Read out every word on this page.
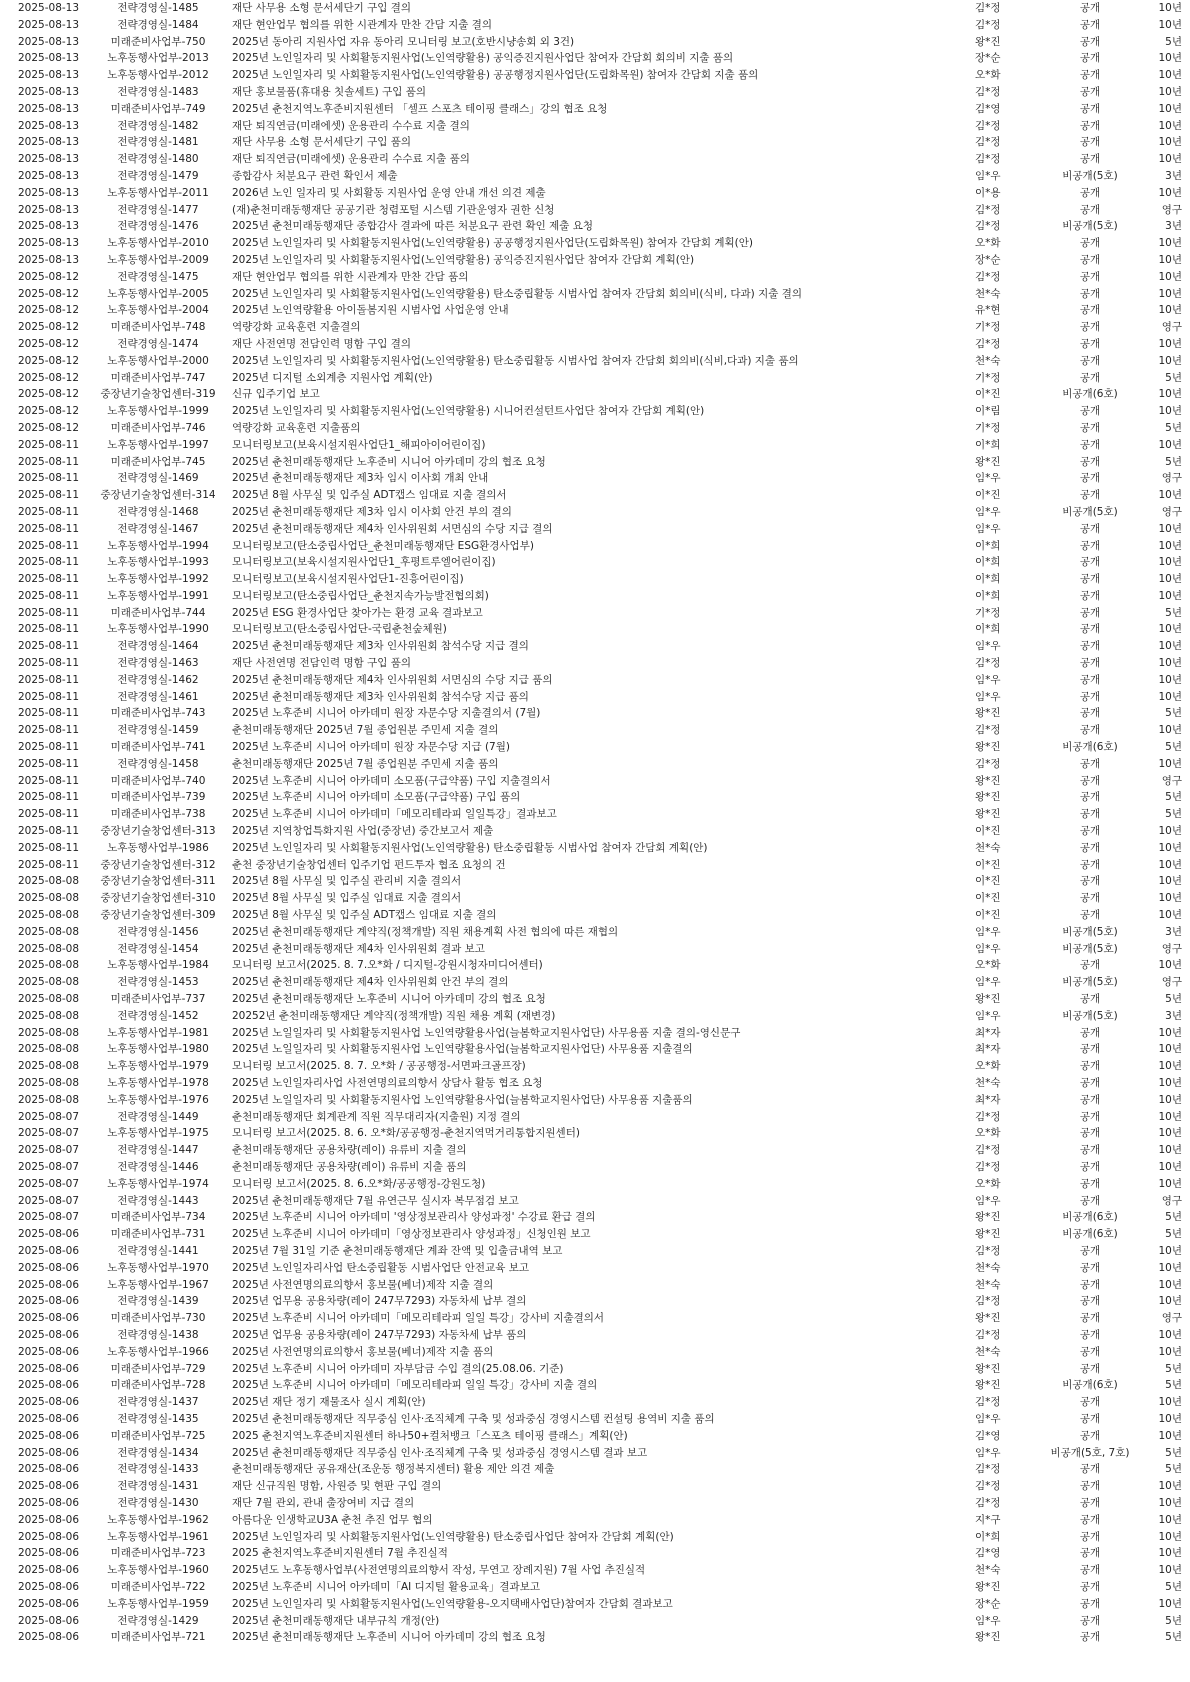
2025-08-13	전략경영실-1485	재단 사무용 소형 문서세단기 구입 결의	김*정	공개	10년
2025-08-13	전략경영실-1484	재단 현안업무 협의를 위한 시관계자 만찬 간담 지출 결의	김*정	공개	10년
2025-08-13	미래준비사업부-750	2025년 동아리 지원사업 자유 동아리 모니터링 보고(호반시냥송회 외 3건)	왕*진	공개	5년
2025-08-13	노후동행사업부-2013	2025년 노인일자리 및 사회활동지원사업(노인역량활용) 공익증진지원사업단 참여자 간담회 회의비 지출 품의	장*순	공개	10년
2025-08-13	노후동행사업부-2012	2025년 노인일자리 및 사회활동지원사업(노인역량활용) 공공행정지원사업단(도립화목원) 참여자 간담회 지출 품의	오*화	공개	10년
2025-08-13	전략경영실-1483	재단 홍보물품(휴대용 칫솔세트) 구입 품의	김*정	공개	10년
2025-08-13	미래준비사업부-749	2025년 춘천지역노후준비지원센터 「셀프 스포츠 테이핑 클래스」강의 협조 요청	김*영	공개	10년
2025-08-13	전략경영실-1482	재단 퇴직연금(미래에셋) 운용관리 수수료 지출 결의	김*정	공개	10년
2025-08-13	전략경영실-1481	재단 사무용 소형 문서세단기 구입 품의	김*정	공개	10년
2025-08-13	전략경영실-1480	재단 퇴직연금(미래에셋) 운용관리 수수료 지출 품의	김*정	공개	10년
2025-08-13	전략경영실-1479	종합감사 처분요구 관련 확인서 제출	임*우	비공개(5호)	3년
2025-08-13	노후동행사업부-2011	2026년 노인 일자리 및 사회활동 지원사업 운영 안내 개선 의견 제출	이*용	공개	10년
2025-08-13	전략경영실-1477	(재)춘천미래동행재단 공공기관 청렴포털 시스템 기관운영자 권한 신청	김*정	공개	영구
2025-08-13	전략경영실-1476	2025년 춘천미래동행재단 종합감사 결과에 따른 처분요구 관련 확인 제출 요청	김*정	비공개(5호)	3년
2025-08-13	노후동행사업부-2010	2025년 노인일자리 및 사회활동지원사업(노인역량활용) 공공행정지원사업단(도립화목원) 참여자 간담회 계획(안)	오*화	공개	10년
2025-08-13	노후동행사업부-2009	2025년 노인일자리 및 사회활동지원사업(노인역량활용) 공익증진지원사업단 참여자 간담회 계획(안)	장*순	공개	10년
2025-08-12	전략경영실-1475	재단 현안업무 협의를 위한 시관계자 만찬 간담 품의	김*정	공개	10년
2025-08-12	노후동행사업부-2005	2025년 노인일자리 및 사회활동지원사업(노인역량활용) 탄소중립활동 시범사업 참여자 간담회 회의비(식비, 다과) 지출 결의	천*숙	공개	10년
2025-08-12	노후동행사업부-2004	2025년 노인역량활용 아이돌봄지원 시범사업 사업운영 안내	유*현	공개	10년
2025-08-12	미래준비사업부-748	역량강화 교육훈련 지출결의	기*정	공개	영구
2025-08-12	전략경영실-1474	재단 사전연명 전담인력 명함 구입 결의	김*정	공개	10년
2025-08-12	노후동행사업부-2000	2025년 노인일자리 및 사회활동지원사업(노인역량활용) 탄소중립활동 시범사업 참여자 간담회 회의비(식비,다과) 지출 품의	천*숙	공개	10년
2025-08-12	미래준비사업부-747	2025년 디지털 소외계층 지원사업 계획(안)	기*정	공개	5년
2025-08-12	중장년기술창업센터-319	신규 입주기업 보고	이*진	비공개(6호)	10년
2025-08-12	노후동행사업부-1999	2025년 노인일자리 및 사회활동지원사업(노인역량활용) 시니어컨설턴트사업단 참여자 간담회 계획(안)	이*림	공개	10년
2025-08-12	미래준비사업부-746	역량강화 교육훈련 지출품의	기*정	공개	5년
2025-08-11	노후동행사업부-1997	모니터링보고(보육시설지원사업단1_해피아이어린이집)	이*희	공개	10년
2025-08-11	미래준비사업부-745	2025년 춘천미래동행재단 노후준비 시니어 아카데미 강의 협조 요청	왕*진	공개	5년
2025-08-11	전략경영실-1469	2025년 춘천미래동행재단 제3차 임시 이사회 개최 안내	임*우	공개	영구
2025-08-11	중장년기술창업센터-314	2025년 8월 사무실 및 입주실 ADT캡스 임대료 지출 결의서	이*진	공개	10년
2025-08-11	전략경영실-1468	2025년 춘천미래동행재단 제3차 임시 이사회 안건 부의 결의	임*우	비공개(5호)	영구
2025-08-11	전략경영실-1467	2025년 춘천미래동행재단 제4차 인사위원회 서면심의 수당 지급 결의	임*우	공개	10년
2025-08-11	노후동행사업부-1994	모니터링보고(탄소중립사업단_춘천미래동행재단 ESG환경사업부)	이*희	공개	10년
2025-08-11	노후동행사업부-1993	모니터링보고(보육시설지원사업단1_후평트루엘어린이집)	이*희	공개	10년
2025-08-11	노후동행사업부-1992	모니터링보고(보육시설지원사업단1-진흥어린이집)	이*희	공개	10년
2025-08-11	노후동행사업부-1991	모니터링보고(탄소중립사업단_춘천지속가능발전협의회)	이*희	공개	10년
2025-08-11	미래준비사업부-744	2025년 ESG 환경사업단 찾아가는 환경 교육 결과보고	기*정	공개	5년
2025-08-11	노후동행사업부-1990	모니터링보고(탄소중립사업단-국립춘천숲체원)	이*희	공개	10년
2025-08-11	전략경영실-1464	2025년 춘천미래동행재단 제3차 인사위원회 참석수당 지급 결의	임*우	공개	10년
2025-08-11	전략경영실-1463	재단 사전연명 전담인력 명함 구입 품의	김*정	공개	10년
2025-08-11	전략경영실-1462	2025년 춘천미래동행재단 제4차 인사위원회 서면심의 수당 지급 품의	임*우	공개	10년
2025-08-11	전략경영실-1461	2025년 춘천미래동행재단 제3차 인사위원회 참석수당 지급 품의	임*우	공개	10년
2025-08-11	미래준비사업부-743	2025년 노후준비 시니어 아카데미 원장 자문수당 지출결의서 (7월)	왕*진	공개	5년
2025-08-11	전략경영실-1459	춘천미래동행재단 2025년 7월 종업원분 주민세 지출 결의	김*정	공개	10년
2025-08-11	미래준비사업부-741	2025년 노후준비 시니어 아카데미 원장 자문수당 지급 (7월)	왕*진	비공개(6호)	5년
2025-08-11	전략경영실-1458	춘천미래동행재단 2025년 7월 종업원분 주민세 지출 품의	김*정	공개	10년
2025-08-11	미래준비사업부-740	2025년 노후준비 시니어 아카데미 소모품(구급약품) 구입 지출결의서	왕*진	공개	영구
2025-08-11	미래준비사업부-739	2025년 노후준비 시니어 아카데미 소모품(구급약품) 구입 품의	왕*진	공개	5년
2025-08-11	미래준비사업부-738	2025년 노후준비 시니어 아카데미「메모리테라피 일일특강」결과보고	왕*진	공개	5년
2025-08-11	중장년기술창업센터-313	2025년 지역창업특화지원 사업(중장년) 중간보고서 제출	이*진	공개	10년
2025-08-11	노후동행사업부-1986	2025년 노인일자리 및 사회활동지원사업(노인역량활용) 탄소중립활동 시범사업 참여자 간담회 계획(안)	천*숙	공개	10년
2025-08-11	중장년기술창업센터-312	춘천 중장년기술창업센터 입주기업 펀드투자 협조 요청의 건	이*진	공개	10년
2025-08-08	중장년기술창업센터-311	2025년 8월 사무실 및 입주실 관리비 지출 결의서	이*진	공개	10년
2025-08-08	중장년기술창업센터-310	2025년 8월 사무실 및 입주실 임대료 지출 결의서	이*진	공개	10년
2025-08-08	중장년기술창업센터-309	2025년 8월 사무실 및 입주실 ADT캡스 임대료 지출 결의	이*진	공개	10년
2025-08-08	전략경영실-1456	2025년 춘천미래동행재단 계약직(정책개발) 직원 채용계획 사전 협의에 따른 재협의	임*우	비공개(5호)	3년
2025-08-08	전략경영실-1454	2025년 춘천미래동행재단 제4차 인사위원회 결과 보고	임*우	비공개(5호)	영구
2025-08-08	노후동행사업부-1984	모니터링 보고서(2025. 8. 7.오*화 / 디지털-강원시청자미디어센터)	오*화	공개	10년
2025-08-08	전략경영실-1453	2025년 춘천미래동행재단 제4차 인사위원회 안건 부의 결의	임*우	비공개(5호)	영구
2025-08-08	미래준비사업부-737	2025년 춘천미래동행재단 노후준비 시니어 아카데미 강의 협조 요청	왕*진	공개	5년
2025-08-08	전략경영실-1452	20252년 춘천미래동행재단 계약직(정책개발) 직원 채용 계획 (재변경)	임*우	비공개(5호)	3년
2025-08-08	노후동행사업부-1981	2025년 노일일자리 및 사회활동지원사업 노인역량활용사업(늘봄학교지원사업단) 사무용품 지출 결의-영신문구	최*자	공개	10년
2025-08-08	노후동행사업부-1980	2025년 노일일자리 및 사회활동지원사업 노인역량활용사업(늘봄학교지원사업단) 사무용품 지출결의	최*자	공개	10년
2025-08-08	노후동행사업부-1979	모니터링 보고서(2025. 8. 7. 오*화 / 공공행정-서면파크골프장)	오*화	공개	10년
2025-08-08	노후동행사업부-1978	2025년 노인일자리사업 사전연명의료의향서 상담사 활동 협조 요청	천*숙	공개	10년
2025-08-08	노후동행사업부-1976	2025년 노일일자리 및 사회활동지원사업 노인역량활용사업(늘봄학교지원사업단) 사무용품 지출품의	최*자	공개	10년
2025-08-07	전략경영실-1449	춘천미래동행재단 회계관계 직원 직무대리자(지출원) 지정 결의	김*정	공개	10년
2025-08-07	노후동행사업부-1975	모니터링 보고서(2025. 8. 6. 오*화/공공행정-춘천지역먹거리통합지원센터)	오*화	공개	10년
2025-08-07	전략경영실-1447	춘천미래동행재단 공용차량(레이) 유류비 지출 결의	김*정	공개	10년
2025-08-07	전략경영실-1446	춘천미래동행재단 공용차량(레이) 유류비 지출 품의	김*정	공개	10년
2025-08-07	노후동행사업부-1974	모니터링 보고서(2025. 8. 6.오*화/공공행정-강원도청)	오*화	공개	10년
2025-08-07	전략경영실-1443	2025년 춘천미래동행재단 7월 유연근무 실시자 복무점검 보고	임*우	공개	영구
2025-08-07	미래준비사업부-734	2025년 노후준비 시니어 아카데미 '영상정보관리사 양성과정' 수강료 환급 결의	왕*진	비공개(6호)	5년
2025-08-06	미래준비사업부-731	2025년 노후준비 시니어 아카데미「영상정보관리사 양성과정」신청인원 보고	왕*진	비공개(6호)	5년
2025-08-06	전략경영실-1441	2025년 7월 31일 기준 춘천미래동행재단 계좌 잔액 및 입출금내역 보고	김*정	공개	10년
2025-08-06	노후동행사업부-1970	2025년 노인일자리사업 탄소중립활동 시범사업단 안전교육 보고	천*숙	공개	10년
2025-08-06	노후동행사업부-1967	2025년 사전연명의료의향서 홍보물(베너)제작 지출 결의	천*숙	공개	10년
2025-08-06	전략경영실-1439	2025년 업무용 공용차량(레이 247무7293) 자동차세 납부 결의	김*정	공개	10년
2025-08-06	미래준비사업부-730	2025년 노후준비 시니어 아카데미「메모리테라피 일일 특강」강사비 지출결의서	왕*진	공개	영구
2025-08-06	전략경영실-1438	2025년 업무용 공용차량(레이 247무7293) 자동차세 납부 품의	김*정	공개	10년
2025-08-06	노후동행사업부-1966	2025년 사전연명의료의향서 홍보물(베너)제작 지출 품의	천*숙	공개	10년
2025-08-06	미래준비사업부-729	2025년 노후준비 시니어 아카데미 자부담금 수입 결의(25.08.06. 기준)	왕*진	공개	5년
2025-08-06	미래준비사업부-728	2025년 노후준비 시니어 아카데미「메모리테라피 일일 특강」강사비 지출 결의	왕*진	비공개(6호)	5년
2025-08-06	전략경영실-1437	2025년 재단 정기 재물조사 실시 계획(안)	김*정	공개	10년
2025-08-06	전략경영실-1435	2025년 춘천미래동행재단 직무중심 인사·조직체계 구축 및 성과중심 경영시스템 컨설팅 용역비 지출 품의	임*우	공개	10년
2025-08-06	미래준비사업부-725	2025 춘천지역노후준비지원센터 하나50+컬처뱅크「스포츠 테이핑 클래스」계획(안)	김*영	공개	10년
2025-08-06	전략경영실-1434	2025년 춘천미래동행재단 직무중심 인사·조직체계 구축 및 성과중심 경영시스템 결과 보고	임*우	비공개(5호, 7호)	5년
2025-08-06	전략경영실-1433	춘천미래동행재단 공유재산(조운동 행정복지센터) 활용 제안 의견 제출	김*정	공개	5년
2025-08-06	전략경영실-1431	재단 신규직원 명함, 사원증 및 현판 구입 결의	김*정	공개	10년
2025-08-06	전략경영실-1430	재단 7월 관외, 관내 출장여비 지급 결의	김*정	공개	10년
2025-08-06	노후동행사업부-1962	아름다운 인생학교U3A 춘천 추진 업무 협의	지*구	공개	10년
2025-08-06	노후동행사업부-1961	2025년 노인일자리 및 사회활동지원사업(노인역량활용) 탄소중립사업단 참여자 간담회 계획(안)	이*희	공개	10년
2025-08-06	미래준비사업부-723	2025 춘천지역노후준비지원센터 7월 추진실적	김*영	공개	10년
2025-08-06	노후동행사업부-1960	2025년도 노후동행사업부(사전연명의료의향서 작성, 무연고 장례지원) 7월 사업 추진실적	천*숙	공개	10년
2025-08-06	미래준비사업부-722	2025년 노후준비 시니어 아카데미「AI 디지털 활용교육」결과보고	왕*진	공개	5년
2025-08-06	노후동행사업부-1959	2025년 노인일자리 및 사회활동지원사업(노인역량활용-오지택배사업단)참여자 간담회 결과보고	장*순	공개	10년
2025-08-06	전략경영실-1429	2025년 춘천미래동행재단 내부규칙 개정(안)	임*우	공개	5년
2025-08-06	미래준비사업부-721	2025년 춘천미래동행재단 노후준비 시니어 아카데미 강의 협조 요청	왕*진	공개	5년
